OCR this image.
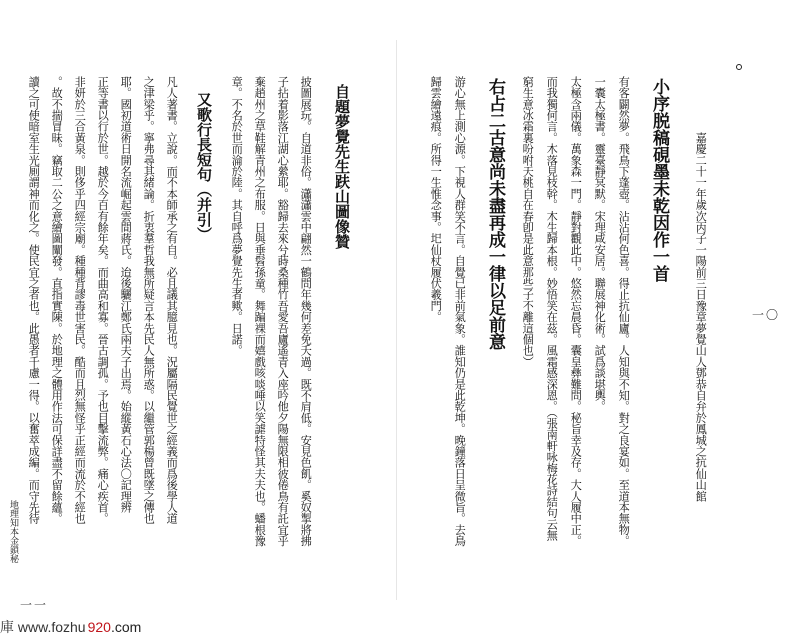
一〇
嘉慶二十一年歲次丙子一陽前三日豫章夢覺山人鄧恭自弁於鳳城之抗仙山館
小序脱稿硯墨未乾因作一首
有客闢然夢。飛鳥下蓬壺。沾沾何色喜。得止抗仙廬。人知與不知。對之良宴如。至道本無物。
一囊太極書。靈臺靜冥默。宋理咸安居。聯展神化術。試爲談堪輿。
太極含兩儀。萬象森一門。靜對觀此中。悠然忘晨昏。囊皇彝難問。秘旨幸及存。大人履中正。
而我獨何言。木落見枝幹。木生歸本根。妙悟笑在茲。風霜感深恩。（張南軒咏梅花詩結句云無
窮生意冰霜裏吩咐天桃自在春卽是此意那些子不離這個也）
右占二古意尚未盡再成一律以足前意
游心無上測心源。下視人群笑不言。自覺已非前氣象。誰知仍是此乾坤。晚鐘落日呈微旨。去鳥
歸雲繪遠痕。所得一生惟念事。圯仙杖履伏羲門。
自題夢覺先生趺山圖像贊
披圖展玩。自道非俗。瀟瀟雲中翩然一鶴問年幾何差免夭過。既不肩低。安見色飢。奚奴掣將拂
子拈着影落江湖心縈耶。豁歸去來兮蒔桑種竹吾愛吾廬遙青入座吟他夕陽無限相彼倦鳥有託宜乎
棄趙州之草鞋解青州之布服。日與垂髫孫童。舞蹁裸而嬉戲咳啖唾以笑謔特怪其夫夫也。蟠根豫
章。不名於世而淪於陸。其自呼爲夢覺先生者歟。日諾。
又歌行長短句（并引）
凡人著書。立說。而不本師承之有自。必且議其臆見也。況屬隔民覺世之經義而爲後學人道
之津梁乎。寧弗尋其緒論。折衷羣哲我無所疑言本先民人無所惑。以繼管郭楊曾既墜之傳也
耶。國初道術日開名流崛起雲間蔣氏。迨後驪江鄭氏兩夫子出焉。始縱黃石心法〇記理辨
正等書以行於世。越於今百有餘年矣。而曲高和寡。晉古調孤。予也目擊流弊。痛心疾首。
非妍於三合黃泉。則侈乎四經宗廟。種種背謬毒世害民。酷而且烈無怪乎正經而流於不經也
。故不揣冒昧。竊取二公之意繪圖闡發。直指實陳。於地理之體用作法可保詳盡不留餘蘊。
讀之可使暗室生光厠謂神而化之。使民宜之者也。此愚者千慮一得。以奮萃成編。而守先待
地理知本金鎖秘
一一
庫 www.fozhu 920.com
